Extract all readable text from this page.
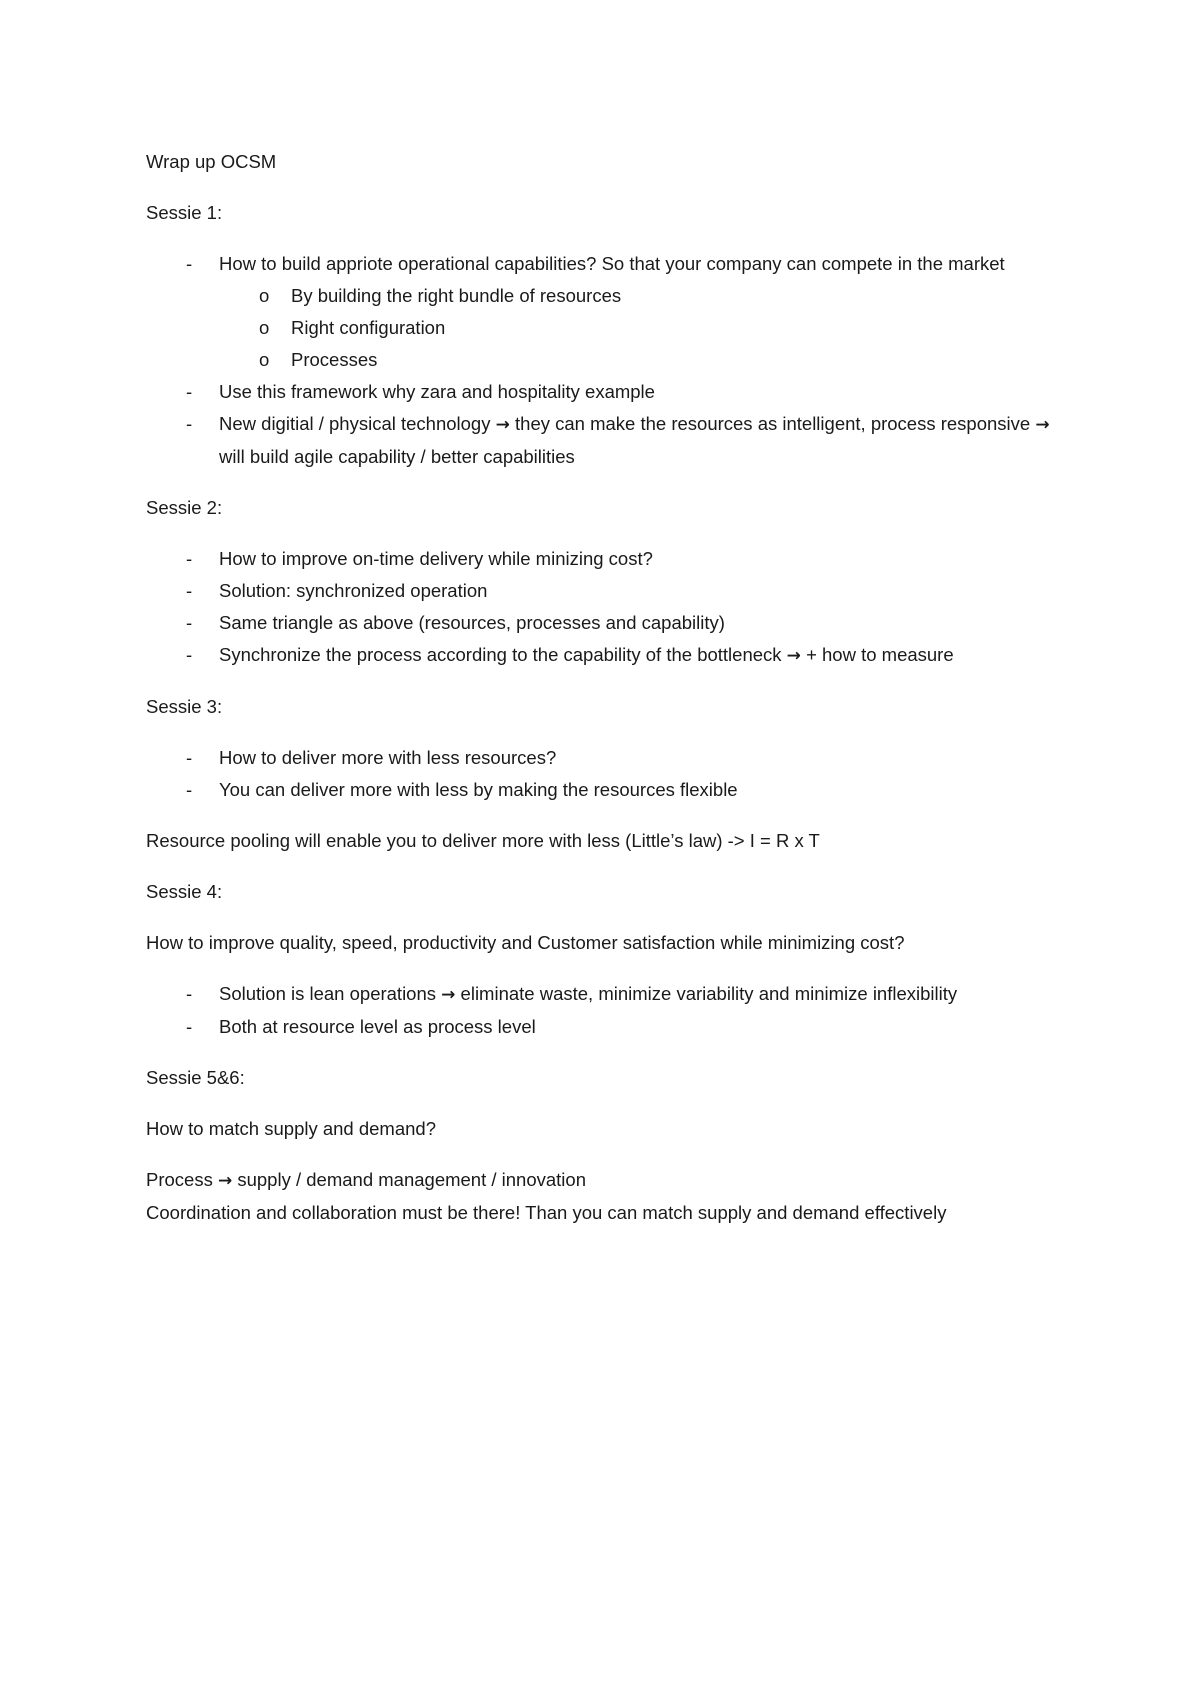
Wrap up OCSM

Sessie 1:

- How to build appriote operational capabilities? So that your company can compete in the market
o By building the right bundle of resources
o Right configuration
o Processes
- Use this framework why zara and hospitality example
- New digitial / physical technology → they can make the resources as intelligent, process responsive → will build agile capability / better capabilities

Sessie 2:

- How to improve on-time delivery while minizing cost?
- Solution: synchronized operation
- Same triangle as above (resources, processes and capability)
- Synchronize the process according to the capability of the bottleneck → + how to measure

Sessie 3:

- How to deliver more with less resources?
- You can deliver more with less by making the resources flexible

Resource pooling will enable you to deliver more with less (Little’s law) -> I = R x T

Sessie 4:

How to improve quality, speed, productivity and Customer satisfaction while minimizing cost?

- Solution is lean operations → eliminate waste, minimize variability and minimize inflexibility
- Both at resource level as process level

Sessie 5&6:

How to match supply and demand?

Process → supply / demand management / innovation

Coordination and collaboration must be there! Than you can match supply and demand effectively
